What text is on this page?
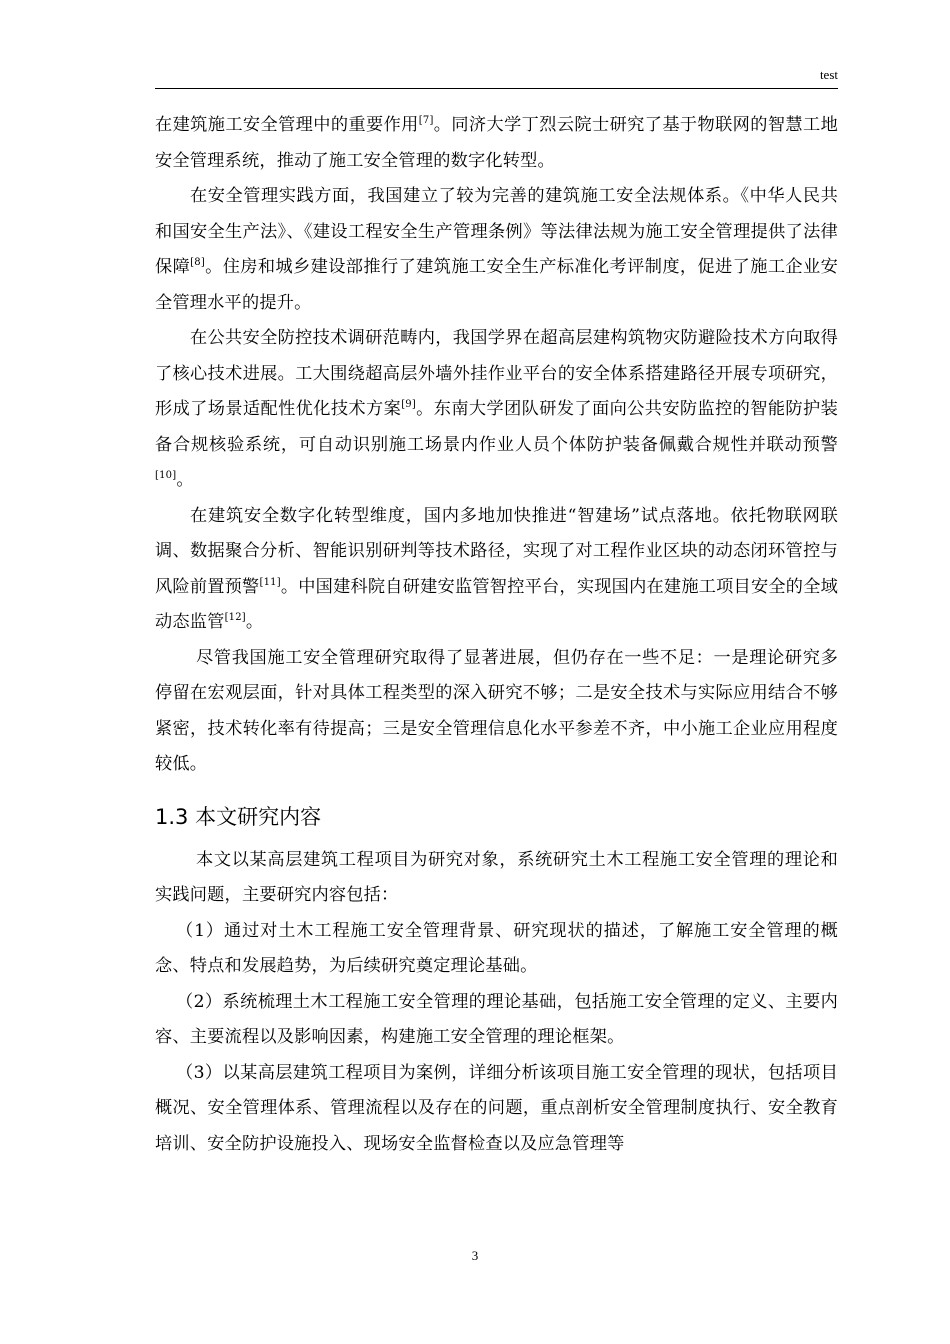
test

在建筑施工安全管理中的重要作用[7]。同济大学丁烈云院士研究了基于物联网的智慧工地安全管理系统，推动了施工安全管理的数字化转型。

在安全管理实践方面，我国建立了较为完善的建筑施工安全法规体系。《中华人民共和国安全生产法》、《建设工程安全生产管理条例》等法律法规为施工安全管理提供了法律保障[8]。住房和城乡建设部推行了建筑施工安全生产标准化考评制度，促进了施工企业安全管理水平的提升。

在公共安全防控技术调研范畴内，我国学界在超高层建构筑物灾防避险技术方向取得了核心技术进展。工大围绕超高层外墙外挂作业平台的安全体系搭建路径开展专项研究，形成了场景适配性优化技术方案[9]。东南大学团队研发了面向公共安防监控的智能防护装备合规核验系统，可自动识别施工场景内作业人员个体防护装备佩戴合规性并联动预警[10]。

在建筑安全数字化转型维度，国内多地加快推进“智建场”试点落地。依托物联网联调、数据聚合分析、智能识别研判等技术路径，实现了对工程作业区块的动态闭环管控与风险前置预警[11]。中国建科院自研建安监管智控平台，实现国内在建施工项目安全的全域动态监管[12]。

尽管我国施工安全管理研究取得了显著进展，但仍存在一些不足：一是理论研究多停留在宏观层面，针对具体工程类型的深入研究不够；二是安全技术与实际应用结合不够紧密，技术转化率有待提高；三是安全管理信息化水平参差不齐，中小施工企业应用程度较低。

1.3 本文研究内容

本文以某高层建筑工程项目为研究对象，系统研究土木工程施工安全管理的理论和实践问题，主要研究内容包括：

（1）通过对土木工程施工安全管理背景、研究现状的描述，了解施工安全管理的概念、特点和发展趋势，为后续研究奠定理论基础。

（2）系统梳理土木工程施工安全管理的理论基础，包括施工安全管理的定义、主要内容、主要流程以及影响因素，构建施工安全管理的理论框架。

（3）以某高层建筑工程项目为案例，详细分析该项目施工安全管理的现状，包括项目概况、安全管理体系、管理流程以及存在的问题，重点剖析安全管理制度执行、安全教育培训、安全防护设施投入、现场安全监督检查以及应急管理等

3
